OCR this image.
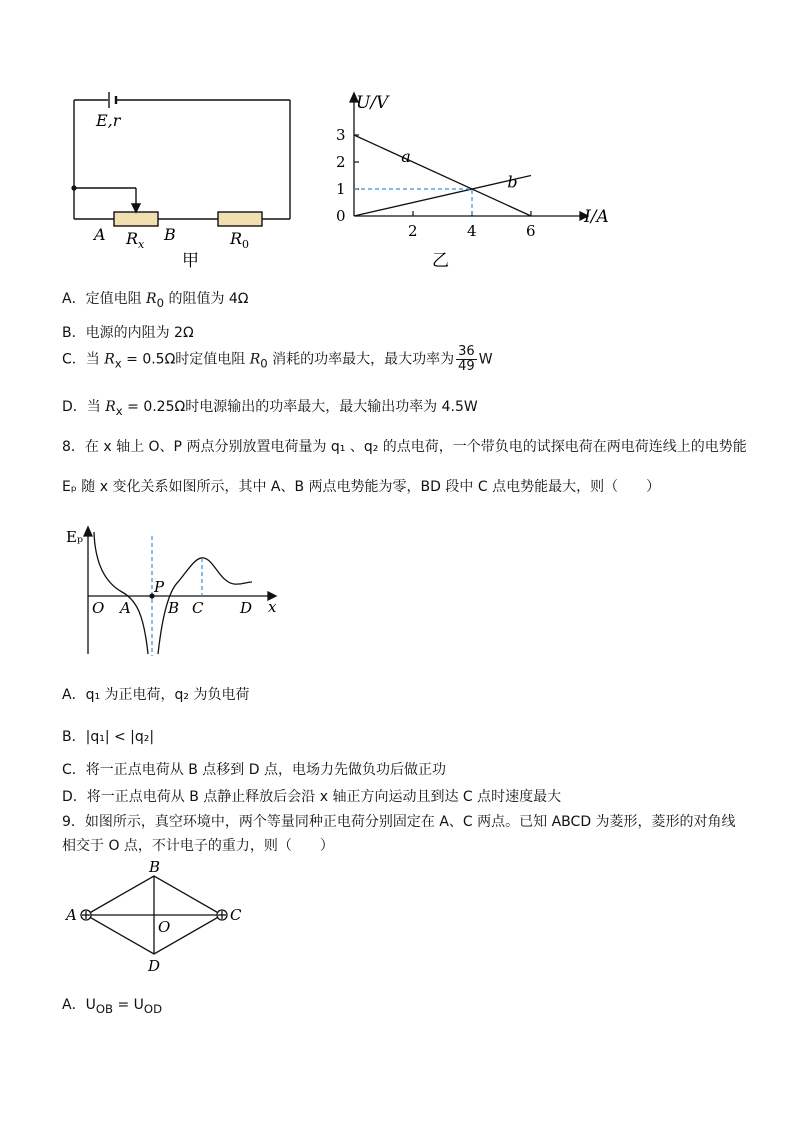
E,r
A	B
$R_x$	$R_0$
甲
2	4	6
1
2
3
a
b
U/V
I/A
0
乙
A．定值电阻 $R_0$ 的阻值为 4Ω
B．电源的内阻为 2Ω
C．当 $R_x = 0.5\Omega$时定值电阻 $R_0$ 消耗的功率最大，最大功率为 $\frac{36}{49}$ W
D．当 $R_x = 0.25\Omega$时电源输出的功率最大，最大输出功率为 4.5W
8．在 x 轴上 O、P 两点分别放置电荷量为 q₁ 、q₂ 的点电荷，一个带负电的试探电荷在两电荷连线上的电势能
Eₚ 随 x 变化关系如图所示，其中 A、B 两点电势能为零，BD 段中 C 点电势能最大，则（　　）
Eₚ
x
O A
P
B C D
A．q₁ 为正电荷，q₂ 为负电荷
B．|q₁| < |q₂|
C．将一正点电荷从 B 点移到 D 点，电场力先做负功后做正功
D．将一正点电荷从 B 点静止释放后会沿 x 轴正方向运动且到达 C 点时速度最大
9．如图所示，真空环境中，两个等量同种正电荷分别固定在 A、C 两点。已知 ABCD 为菱形，菱形的对角线
相交于 O 点，不计电子的重力，则（　　）
A
B
C
D
O
A．$U_{OB} = U_{OD}$
